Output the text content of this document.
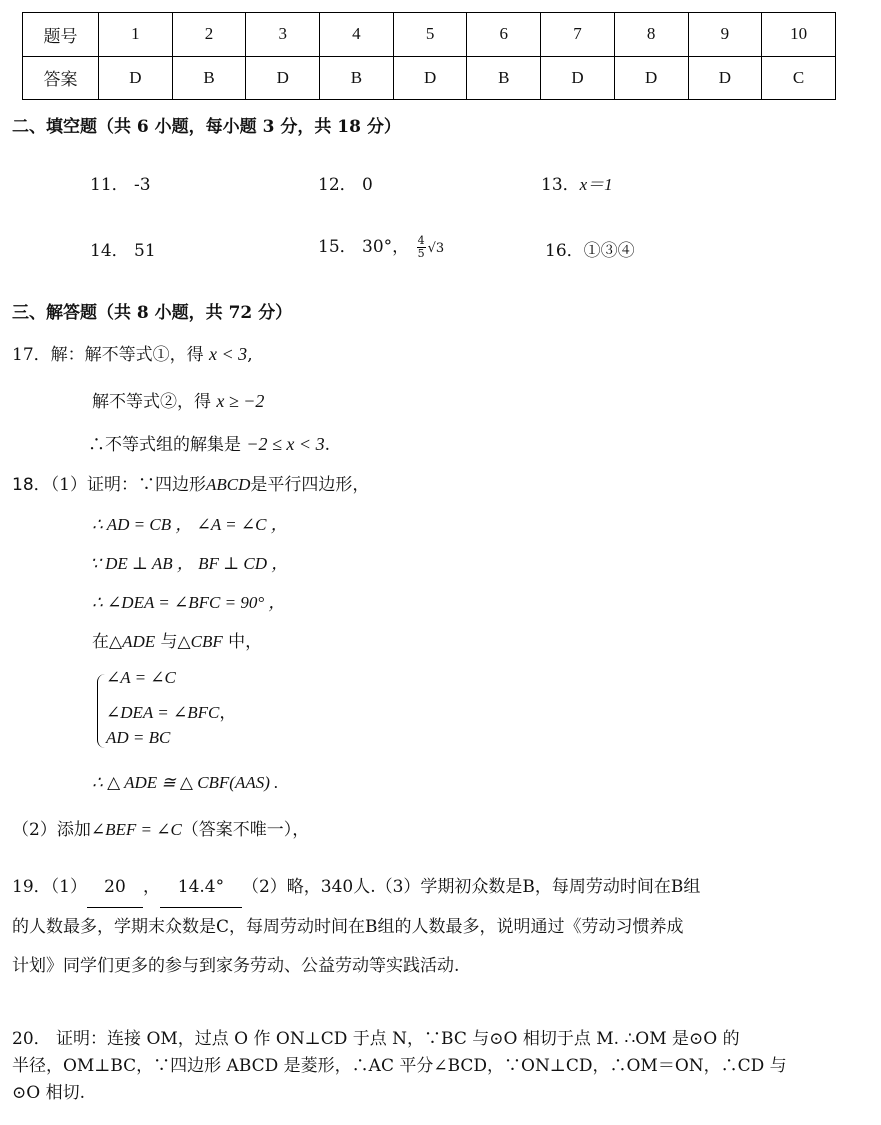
题号	1	2	3	4	5	6	7	8	9	10
答案	D	B	D	B	D	B	D	D	D	C
二、填空题（共 6 小题，每小题 3 分，共 18 分）
11． -3	12． 0	13．x＝1
14． 51	15． 30°， $\frac{4}{5} √3$	16．①③④
三、解答题（共 8 小题，共 72 分）
17．解：解不等式①，得 x < 3,
解不等式②，得 x ≥ −2
∴不等式组的解集是 −2 ≤ x < 3.
18．（1）证明：∵四边形ABCD是平行四边形，
∴ AD = CB ， ∠A = ∠C ，
∵ DE ⊥ AB ， BF ⊥ CD ，
∴ ∠DEA = ∠BFC = 90° ，
在△ADE 与△CBF 中，
∠A = ∠C
∠DEA = ∠BFC，
AD = BC
∴ △ ADE ≅ △ CBF(AAS) .
（2）添加∠BEF = ∠C（答案不唯一），
19．（1） 20 ， 14.4° （2）略，340人.（3）学期初众数是B，每周劳动时间在B组
的人数最多，学期末众数是C，每周劳动时间在B组的人数最多，说明通过《劳动习惯养成
计划》同学们更多的参与到家务劳动、公益劳动等实践活动.
20． 证明：连接 OM，过点 O 作 ON⊥CD 于点 N，∵BC 与⊙O 相切于点 M. ∴OM 是⊙O 的
半径，OM⊥BC，∵四边形 ABCD 是菱形，∴AC 平分∠BCD，∵ON⊥CD，∴OM＝ON，∴CD 与
⊙O 相切.
